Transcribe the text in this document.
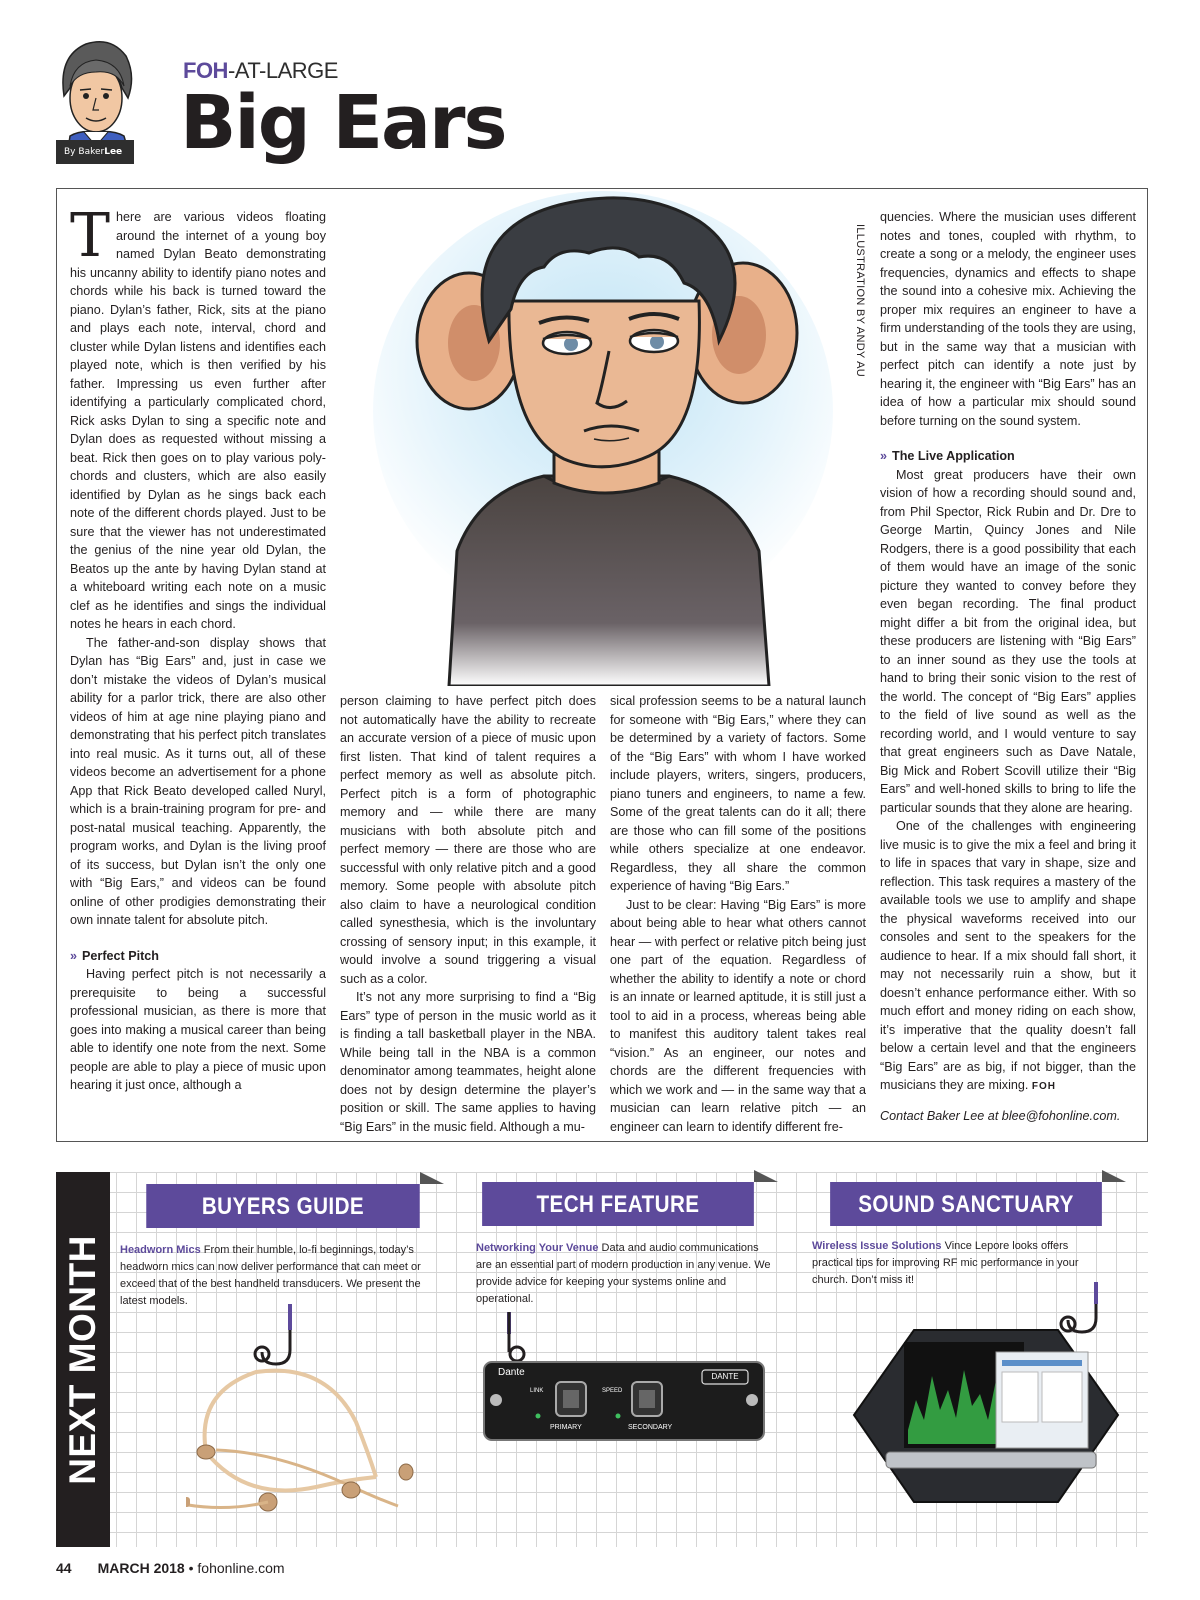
By BakerLee
FOH-AT-LARGE
Big Ears

There are various videos floating around the internet of a young boy named Dylan Beato demonstrating his uncanny ability to identify piano notes and chords while his back is turned toward the piano. Dylan’s father, Rick, sits at the piano and plays each note, interval, chord and cluster while Dylan listens and identifies each played note, which is then verified by his father. Impressing us even further after identifying a particularly complicated chord, Rick asks Dylan to sing a specific note and Dylan does as requested without missing a beat. Rick then goes on to play various poly-chords and clusters, which are also easily identified by Dylan as he sings back each note of the different chords played. Just to be sure that the viewer has not underestimated the genius of the nine year old Dylan, the Beatos up the ante by having Dylan stand at a whiteboard writing each note on a music clef as he identifies and sings the individual notes he hears in each chord.

The father-and-son display shows that Dylan has “Big Ears” and, just in case we don’t mistake the videos of Dylan’s musical ability for a parlor trick, there are also other videos of him at age nine playing piano and demonstrating that his perfect pitch translates into real music. As it turns out, all of these videos become an advertisement for a phone App that Rick Beato developed called Nuryl, which is a brain-training program for pre- and post-natal musical teaching. Apparently, the program works, and Dylan is the living proof of its success, but Dylan isn’t the only one with “Big Ears,” and videos can be found online of other prodigies demonstrating their own innate talent for absolute pitch.

» Perfect Pitch

Having perfect pitch is not necessarily a prerequisite to being a successful professional musician, as there is more that goes into making a musical career than being able to identify one note from the next. Some people are able to play a piece of music upon hearing it just once, although a

ILLUSTRATION BY ANDY AU

person claiming to have perfect pitch does not automatically have the ability to recreate an accurate version of a piece of music upon first listen. That kind of talent requires a perfect memory as well as absolute pitch. Perfect pitch is a form of photographic memory and — while there are many musicians with both absolute pitch and perfect memory — there are those who are successful with only relative pitch and a good memory. Some people with absolute pitch also claim to have a neurological condition called synesthesia, which is the involuntary crossing of sensory input; in this example, it would involve a sound triggering a visual such as a color.

It’s not any more surprising to find a “Big Ears” type of person in the music world as it is finding a tall basketball player in the NBA. While being tall in the NBA is a common denominator among teammates, height alone does not by design determine the player’s position or skill. The same applies to having “Big Ears” in the music field. Although a mu-

sical profession seems to be a natural launch for someone with “Big Ears,” where they can be determined by a variety of factors. Some of the “Big Ears” with whom I have worked include players, writers, singers, producers, piano tuners and engineers, to name a few. Some of the great talents can do it all; there are those who can fill some of the positions while others specialize at one endeavor. Regardless, they all share the common experience of having “Big Ears.”

Just to be clear: Having “Big Ears” is more about being able to hear what others cannot hear — with perfect or relative pitch being just one part of the equation. Regardless of whether the ability to identify a note or chord is an innate or learned aptitude, it is still just a tool to aid in a process, whereas being able to manifest this auditory talent takes real “vision.” As an engineer, our notes and chords are the different frequencies with which we work and — in the same way that a musician can learn relative pitch — an engineer can learn to identify different fre-

quencies. Where the musician uses different notes and tones, coupled with rhythm, to create a song or a melody, the engineer uses frequencies, dynamics and effects to shape the sound into a cohesive mix. Achieving the proper mix requires an engineer to have a firm understanding of the tools they are using, but in the same way that a musician with perfect pitch can identify a note just by hearing it, the engineer with “Big Ears” has an idea of how a particular mix should sound before turning on the sound system.

» The Live Application

Most great producers have their own vision of how a recording should sound and, from Phil Spector, Rick Rubin and Dr. Dre to George Martin, Quincy Jones and Nile Rodgers, there is a good possibility that each of them would have an image of the sonic picture they wanted to convey before they even began recording. The final product might differ a bit from the original idea, but these producers are listening with “Big Ears” to an inner sound as they use the tools at hand to bring their sonic vision to the rest of the world. The concept of “Big Ears” applies to the field of live sound as well as the recording world, and I would venture to say that great engineers such as Dave Natale, Big Mick and Robert Scovill utilize their “Big Ears” and well-honed skills to bring to life the particular sounds that they alone are hearing.

One of the challenges with engineering live music is to give the mix a feel and bring it to life in spaces that vary in shape, size and reflection. This task requires a mastery of the available tools we use to amplify and shape the physical waveforms received into our consoles and sent to the speakers for the audience to hear. If a mix should fall short, it may not necessarily ruin a show, but it doesn’t enhance performance either. With so much effort and money riding on each show, it’s imperative that the quality doesn’t fall below a certain level and that the engineers “Big Ears” are as big, if not bigger, than the musicians they are mixing. FOH

Contact Baker Lee at blee@fohonline.com.

NEXT MONTH
BUYERS GUIDE
Headworn Mics From their humble, lo-fi beginnings, today’s headworn mics can now deliver performance that can meet or exceed that of the best handheld transducers. We present the latest models.
TECH FEATURE
Networking Your Venue Data and audio communications are an essential part of modern production in any venue. We provide advice for keeping your systems online and operational.
Dante	DANTE
PRIMARY	SECONDARY
LINK	SPEED
SOUND SANCTUARY
Wireless Issue Solutions Vince Lepore looks offers practical tips for improving RF mic performance in your church. Don’t miss it!
44 MARCH 2018 • fohonline.com
